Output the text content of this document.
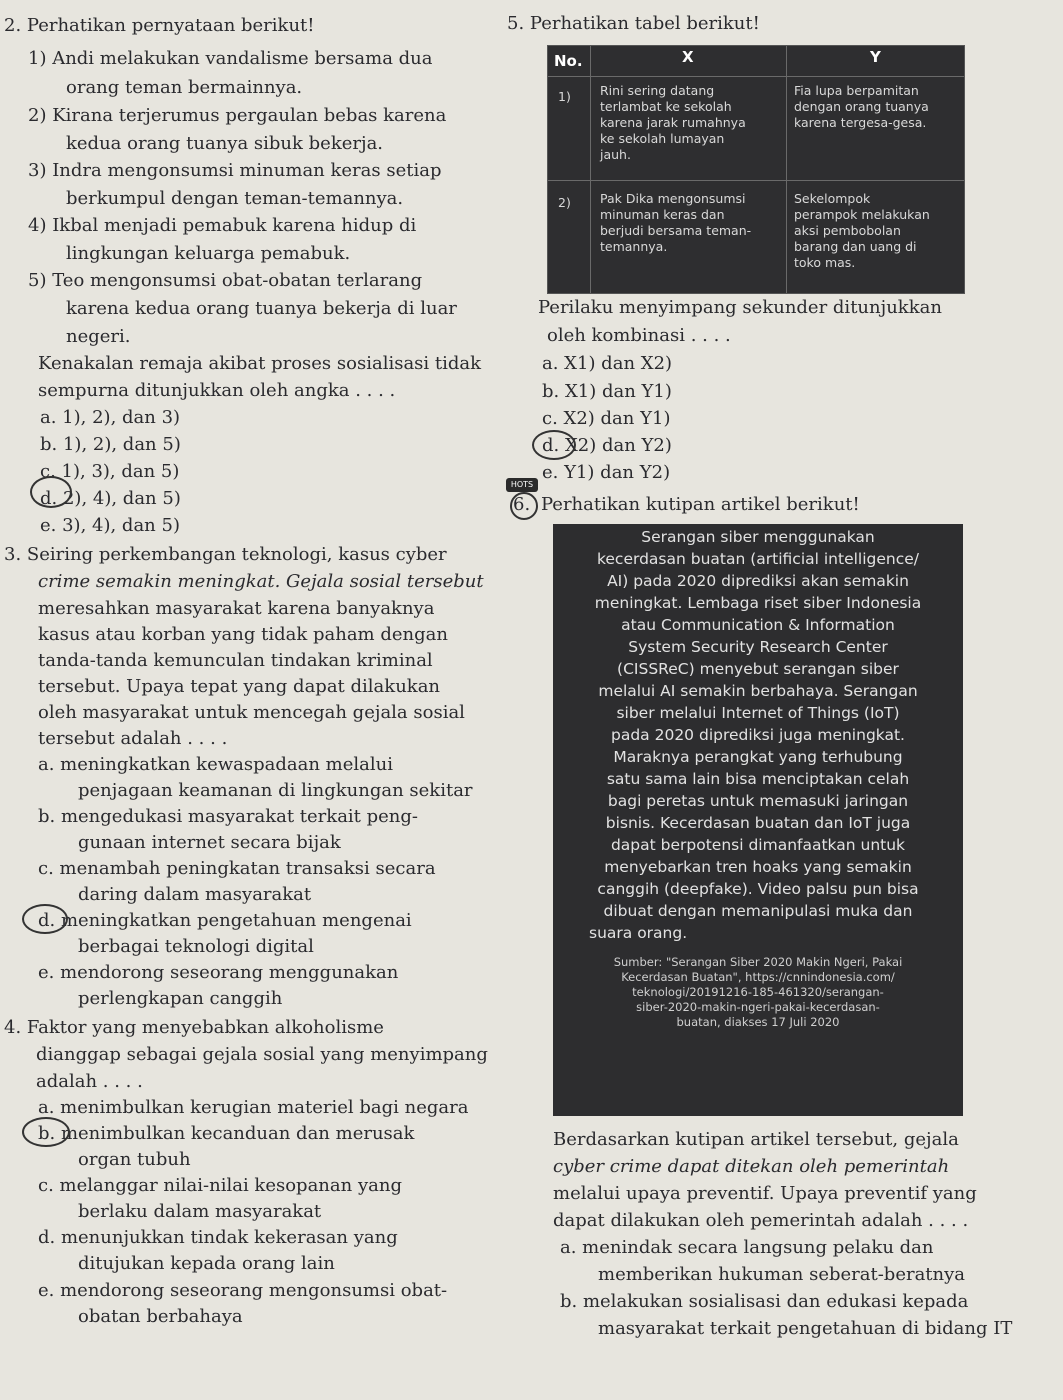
2. Perhatikan pernyataan berikut!
1) Andi melakukan vandalisme bersama dua
orang teman bermainnya.
2) Kirana terjerumus pergaulan bebas karena
kedua orang tuanya sibuk bekerja.
3) Indra mengonsumsi minuman keras setiap
berkumpul dengan teman-temannya.
4) Ikbal menjadi pemabuk karena hidup di
lingkungan keluarga pemabuk.
5) Teo mengonsumsi obat-obatan terlarang
karena kedua orang tuanya bekerja di luar
negeri.
Kenakalan remaja akibat proses sosialisasi tidak
sempurna ditunjukkan oleh angka . . . .
a. 1), 2), dan 3)
b. 1), 2), dan 5)
c. 1), 3), dan 5)
d. 2), 4), dan 5)
e. 3), 4), dan 5)
3. Seiring perkembangan teknologi, kasus cyber
crime semakin meningkat. Gejala sosial tersebut
meresahkan masyarakat karena banyaknya
kasus atau korban yang tidak paham dengan
tanda-tanda kemunculan tindakan kriminal
tersebut. Upaya tepat yang dapat dilakukan
oleh masyarakat untuk mencegah gejala sosial
tersebut adalah . . . .
a. meningkatkan kewaspadaan melalui
penjagaan keamanan di lingkungan sekitar
b. mengedukasi masyarakat terkait peng-
gunaan internet secara bijak
c. menambah peningkatan transaksi secara
daring dalam masyarakat
d. meningkatkan pengetahuan mengenai
berbagai teknologi digital
e. mendorong seseorang menggunakan
perlengkapan canggih
4. Faktor yang menyebabkan alkoholisme
dianggap sebagai gejala sosial yang menyimpang
adalah . . . .
a. menimbulkan kerugian materiel bagi negara
b. menimbulkan kecanduan dan merusak
organ tubuh
c. melanggar nilai-nilai kesopanan yang
berlaku dalam masyarakat
d. menunjukkan tindak kekerasan yang
ditujukan kepada orang lain
e. mendorong seseorang mengonsumsi obat-
obatan berbahaya
5. Perhatikan tabel berikut!
No.	X	Y
1) Rini sering datang
terlambat ke sekolah
karena jarak rumahnya
ke sekolah lumayan
jauh.
Fia lupa berpamitan
dengan orang tuanya
karena tergesa-gesa.
2) Pak Dika mengonsumsi
minuman keras dan
berjudi bersama teman-
temannya.
Sekelompok
perampok melakukan
aksi pembobolan
barang dan uang di
toko mas.
Perilaku menyimpang sekunder ditunjukkan
oleh kombinasi . . . .
a. X1) dan X2)
b. X1) dan Y1)
c. X2) dan Y1)
d. X2) dan Y2)
e. Y1) dan Y2)
HOTS
6. Perhatikan kutipan artikel berikut!
Serangan siber menggunakan
kecerdasan buatan (artificial intelligence/
AI) pada 2020 diprediksi akan semakin
meningkat. Lembaga riset siber Indonesia
atau Communication & Information
System Security Research Center
(CISSReC) menyebut serangan siber
melalui AI semakin berbahaya. Serangan
siber melalui Internet of Things (IoT)
pada 2020 diprediksi juga meningkat.
Maraknya perangkat yang terhubung
satu sama lain bisa menciptakan celah
bagi peretas untuk memasuki jaringan
bisnis. Kecerdasan buatan dan IoT juga
dapat berpotensi dimanfaatkan untuk
menyebarkan tren hoaks yang semakin
canggih (deepfake). Video palsu pun bisa
dibuat dengan memanipulasi muka dan
suara orang.
Sumber: "Serangan Siber 2020 Makin Ngeri, Pakai
Kecerdasan Buatan", https://cnnindonesia.com/
teknologi/20191216-185-461320/serangan-
siber-2020-makin-ngeri-pakai-kecerdasan-
buatan, diakses 17 Juli 2020
Berdasarkan kutipan artikel tersebut, gejala
cyber crime dapat ditekan oleh pemerintah
melalui upaya preventif. Upaya preventif yang
dapat dilakukan oleh pemerintah adalah . . . .
a. menindak secara langsung pelaku dan
memberikan hukuman seberat-beratnya
b. melakukan sosialisasi dan edukasi kepada
masyarakat terkait pengetahuan di bidang IT
